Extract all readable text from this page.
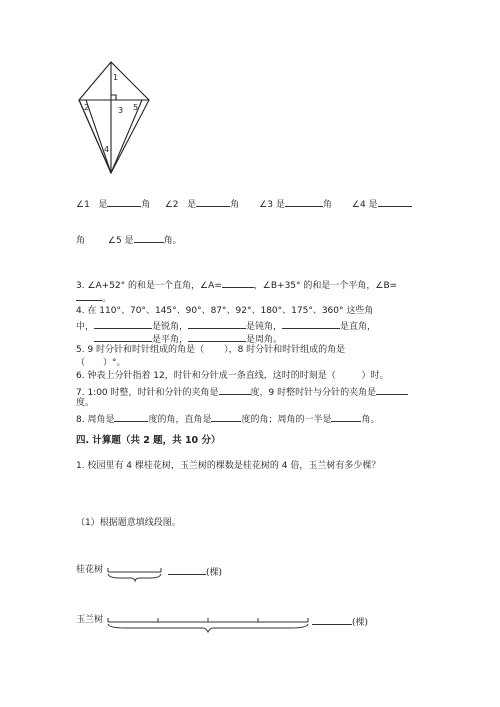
1
2	3
4
5
∠1 是	角 ∠2 是	角 ∠3 是	角 ∠4 是
角	∠5 是	角。
3. ∠A+52° 的和是一个直角，∠A=	，∠B+35° 的和是一个平角，∠B=
。
4. 在 110°、70°、145°、90°、87°、92°、180°、175°、360° 这些角
中，	是锐角，	是钝角，	是直角，
是平角，	是周角。
5. 9 时分针和时针组成的角是（ ），8 时分针和时针组成的角是
（　　）°。
6. 钟表上分针指着 12，时针和分针成一条直线，这时的时刻是（	）时。
7. 1:00 时整，时针和分针的夹角是	度，9 时整时针与分针的夹角是
度。
8. 周角是	度的角，直角是	度的角；周角的一半是	角。
四. 计算题（共 2 题，共 10 分）
1. 校园里有 4 棵桂花树，玉兰树的棵数是桂花树的 4 倍，玉兰树有多少棵？
（1）根据题意填线段图。
桂花树	(棵)
玉兰树	(棵)
